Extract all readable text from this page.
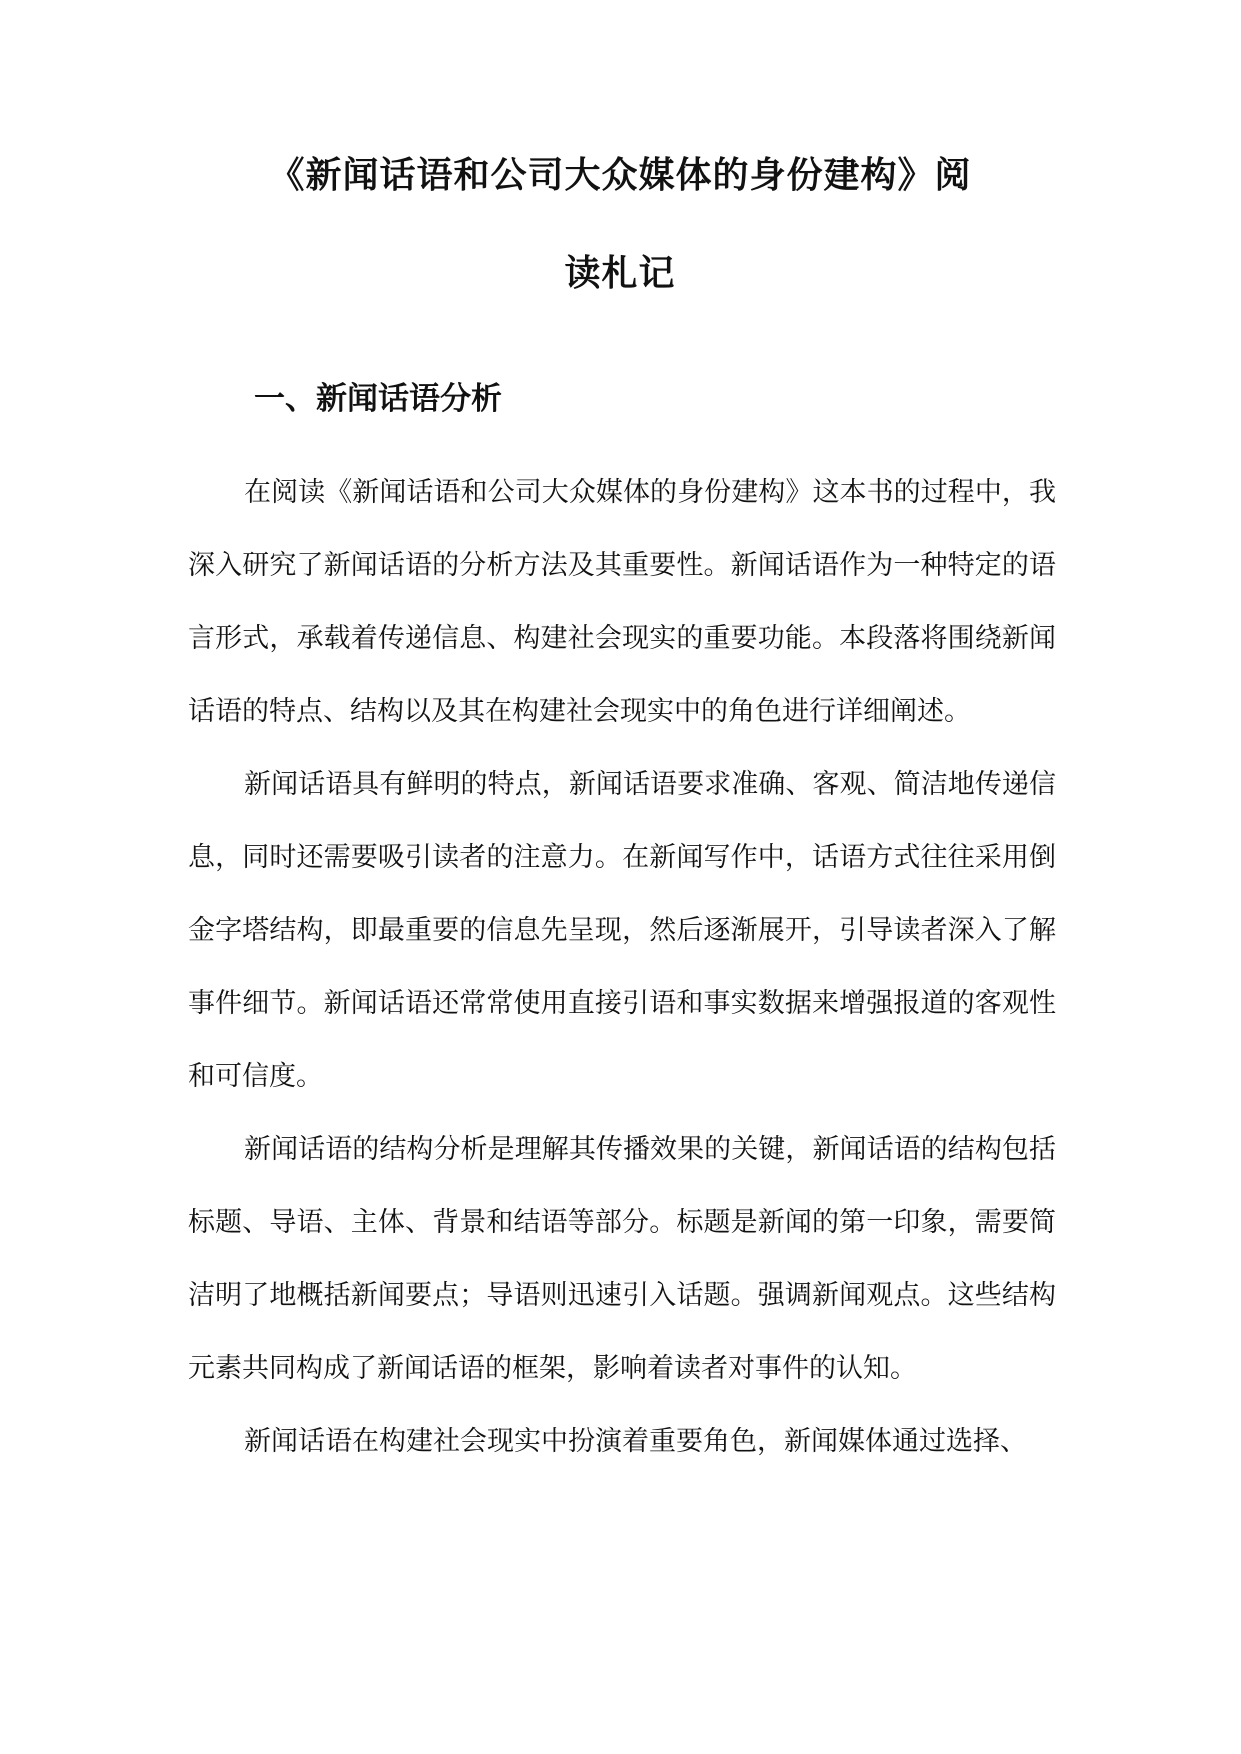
《新闻话语和公司大众媒体的身份建构》阅
读札记
一、新闻话语分析

在阅读《新闻话语和公司大众媒体的身份建构》这本书的过程中，我深入研究了新闻话语的分析方法及其重要性。新闻话语作为一种特定的语言形式，承载着传递信息、构建社会现实的重要功能。本段落将围绕新闻话语的特点、结构以及其在构建社会现实中的角色进行详细阐述。

新闻话语具有鲜明的特点，新闻话语要求准确、客观、简洁地传递信息，同时还需要吸引读者的注意力。在新闻写作中，话语方式往往采用倒金字塔结构，即最重要的信息先呈现，然后逐渐展开，引导读者深入了解事件细节。新闻话语还常常使用直接引语和事实数据来增强报道的客观性和可信度。

新闻话语的结构分析是理解其传播效果的关键，新闻话语的结构包括标题、导语、主体、背景和结语等部分。标题是新闻的第一印象，需要简洁明了地概括新闻要点；导语则迅速引入话题。强调新闻观点。这些结构元素共同构成了新闻话语的框架，影响着读者对事件的认知。

新闻话语在构建社会现实中扮演着重要角色，新闻媒体通过选择、
